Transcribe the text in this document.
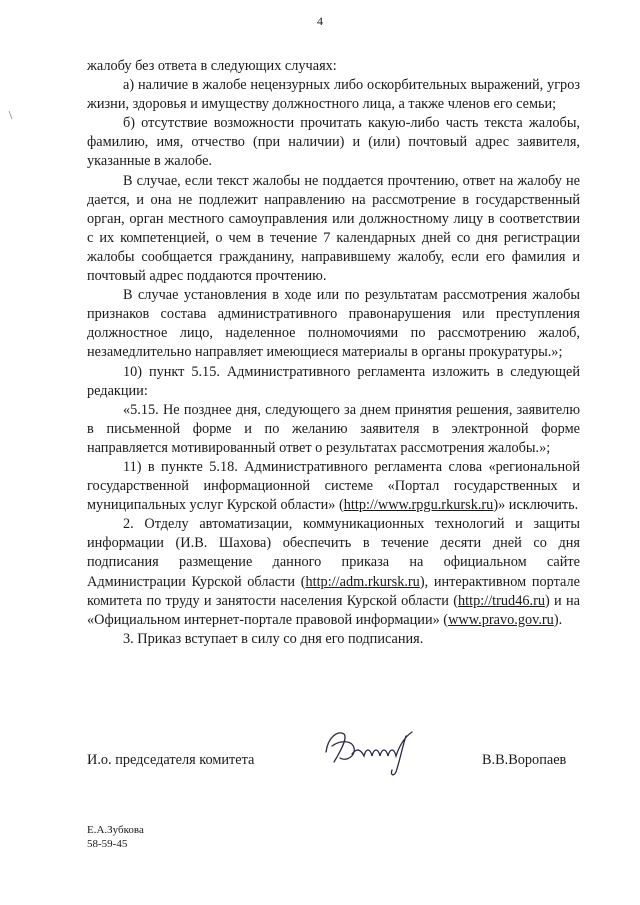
4

жалобу без ответа в следующих случаях:

а) наличие в жалобе нецензурных либо оскорбительных выражений, угроз жизни, здоровья и имуществу должностного лица, а также членов его семьи;

б) отсутствие возможности прочитать какую-либо часть текста жалобы, фамилию, имя, отчество (при наличии) и (или) почтовый адрес заявителя, указанные в жалобе.

В случае, если текст жалобы не поддается прочтению, ответ на жалобу не дается, и она не подлежит направлению на рассмотрение в государственный орган, орган местного самоуправления или должностному лицу в соответствии с их компетенцией, о чем в течение 7 календарных дней со дня регистрации жалобы сообщается гражданину, направившему жалобу, если его фамилия и почтовый адрес поддаются прочтению.

В случае установления в ходе или по результатам рассмотрения жалобы признаков состава административного правонарушения или преступления должностное лицо, наделенное полномочиями по рассмотрению жалоб, незамедлительно направляет имеющиеся материалы в органы прокуратуры.»;

10) пункт 5.15. Административного регламента изложить в следующей редакции:

«5.15. Не позднее дня, следующего за днем принятия решения, заявителю в письменной форме и по желанию заявителя в электронной форме направляется мотивированный ответ о результатах рассмотрения жалобы.»;

11) в пункте 5.18. Административного регламента слова «региональной государственной информационной системе «Портал государственных и муниципальных услуг Курской области» (http://www.rpgu.rkursk.ru)» исключить.

2. Отделу автоматизации, коммуникационных технологий и защиты информации (И.В. Шахова) обеспечить в течение десяти дней со дня подписания размещение данного приказа на официальном сайте Администрации Курской области (http://adm.rkursk.ru), интерактивном портале комитета по труду и занятости населения Курской области (http://trud46.ru) и на «Официальном интернет-портале правовой информации» (www.pravo.gov.ru).

3. Приказ вступает в силу со дня его подписания.

И.о. председателя комитета	В.В.Воропаев
Е.А.Зубкова
58-59-45
